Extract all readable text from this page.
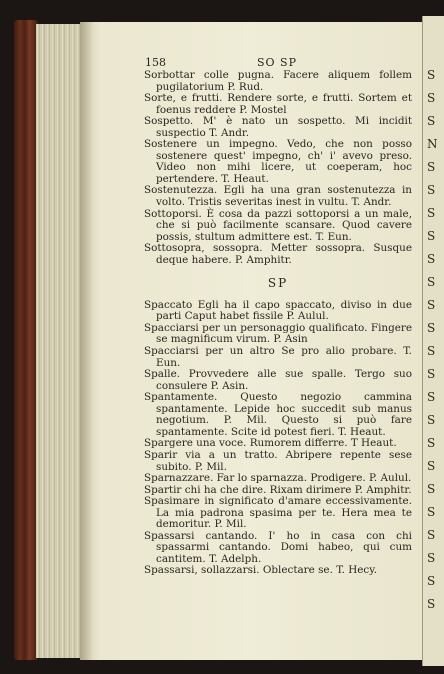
S
S
S
N
S
S
S
S
S
S
S
S
S
S
S
S
S
S
S
S
S
S
S
S
158	SO SP
Sorbottar colle pugna. Facere aliquem follem pugilatorium P. Rud.
Sorte, e frutti. Rendere sorte, e frutti. Sortem et foenus reddere P. Mostel
Sospetto. M' è nato un sospetto. Mi incidit suspectio T. Andr.
Sostenere un impegno. Vedo, che non posso sostenere quest' impegno, ch' i' avevo preso. Video non mihi licere, ut coeperam, hoc pertendere. T. Heaut.
Sostenutezza. Egli ha una gran sostenutezza in volto. Tristis severitas inest in vultu. T. Andr.
Sottoporsi. È cosa da pazzi sottoporsi a un male, che si può facilmente scansare. Quod cavere possis, stultum admittere est. T. Eun.
Sottosopra, sossopra. Metter sossopra. Susque deque habere. P. Amphitr.
SP
Spaccato Egli ha il capo spaccato, diviso in due parti Caput habet fissile P. Aulul.
Spacciarsi per un personaggio qualificato. Fingere se magnificum virum. P. Asin
Spacciarsi per un altro Se pro alio probare. T. Eun.
Spalle. Provvedere alle sue spalle. Tergo suo consulere P. Asin.
Spantamente. Questo negozio cammina spantamente. Lepide hoc succedit sub manus negotium. P. Mil. Questo si può fare spantamente. Scite id potest fieri. T. Heaut.
Spargere una voce. Rumorem differre. T Heaut.
Sparir via a un tratto. Abripere repente sese subito. P. Mil.
Sparnazzare. Far lo sparnazza. Prodigere. P. Aulul.
Spartir chi ha che dire. Rixam dirimere P. Amphitr.
Spasimare in significato d'amare eccessivamente. La mia padrona spasima per te. Hera mea te demoritur. P. Mil.
Spassarsi cantando. I' ho in casa con chi spassarmi cantando. Domi habeo, qui cum cantitem. T. Adelph.
Spassarsi, sollazzarsi. Oblectare se. T. Hecy.
